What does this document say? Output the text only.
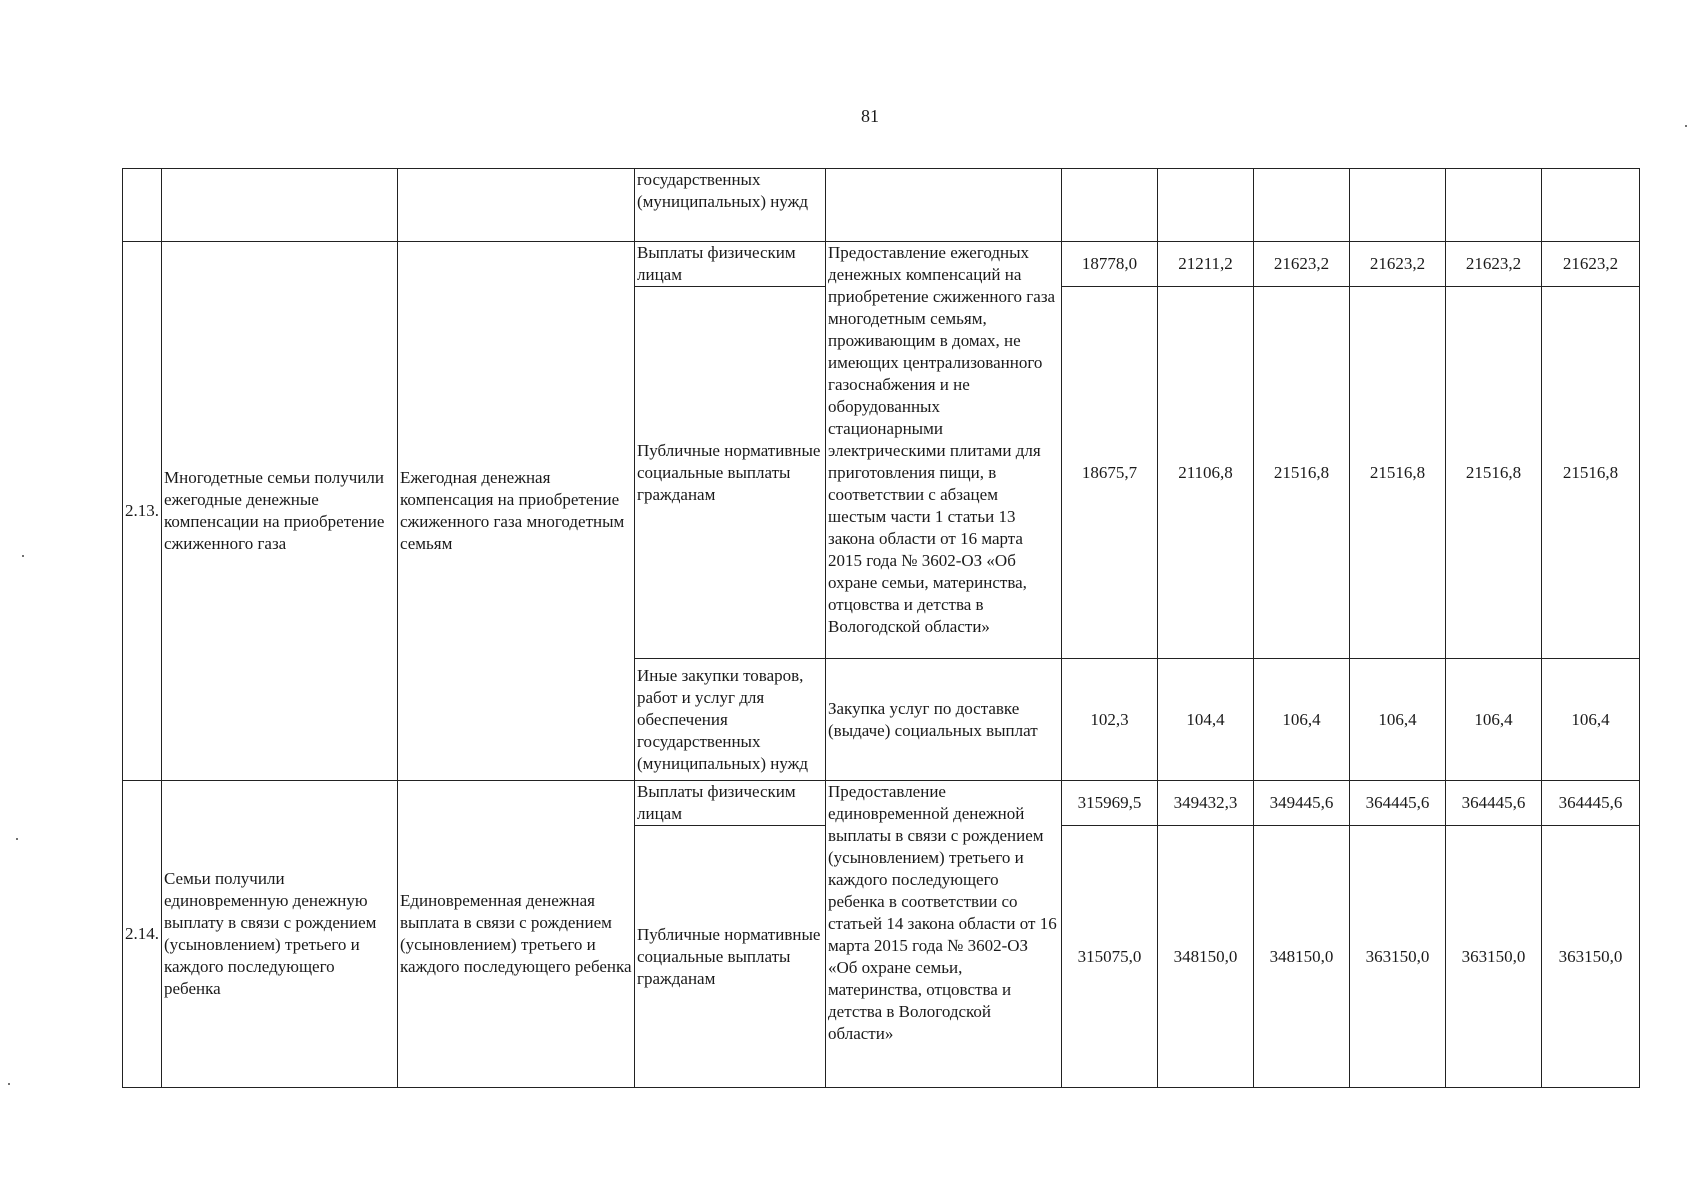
81
			государственных (муниципальных) нужд							
2.13.	Многодетные семьи получили ежегодные денежные компенсации на приобретение сжиженного газа	Ежегодная денежная компенсация на приобретение сжиженного газа многодетным семьям	Выплаты физическим лицам	Предоставление ежегодных денежных компенсаций на приобретение сжиженного газа многодетным семьям, проживающим в домах, не имеющих централизованного газоснабжения и не оборудованных стационарными электрическими плитами для приготовления пищи, в соответствии с абзацем шестым части 1 статьи 13 закона области от 16 марта 2015 года № 3602-ОЗ «Об охране семьи, материнства, отцовства и детства в Вологодской области»	18778,0	21211,2	21623,2	21623,2	21623,2	21623,2
			Публичные нормативные социальные выплаты гражданам		18675,7	21106,8	21516,8	21516,8	21516,8	21516,8
			Иные закупки товаров, работ и услуг для обеспечения государственных (муниципальных) нужд	Закупка услуг по доставке (выдаче) социальных выплат	102,3	104,4	106,4	106,4	106,4	106,4
2.14.	Семьи получили единовременную денежную выплату в связи с рождением (усыновлением) третьего и каждого последующего ребенка	Единовременная денежная выплата в связи с рождением (усыновлением) третьего и каждого последующего ребенка	Выплаты физическим лицам	Предоставление единовременной денежной выплаты в связи с рождением (усыновлением) третьего и каждого последующего ребенка в соответствии со статьей 14 закона области от 16 марта 2015 года № 3602-ОЗ «Об охране семьи, материнства, отцовства и детства в Вологодской области»	315969,5	349432,3	349445,6	364445,6	364445,6	364445,6
			Публичные нормативные социальные выплаты гражданам		315075,0	348150,0	348150,0	363150,0	363150,0	363150,0
